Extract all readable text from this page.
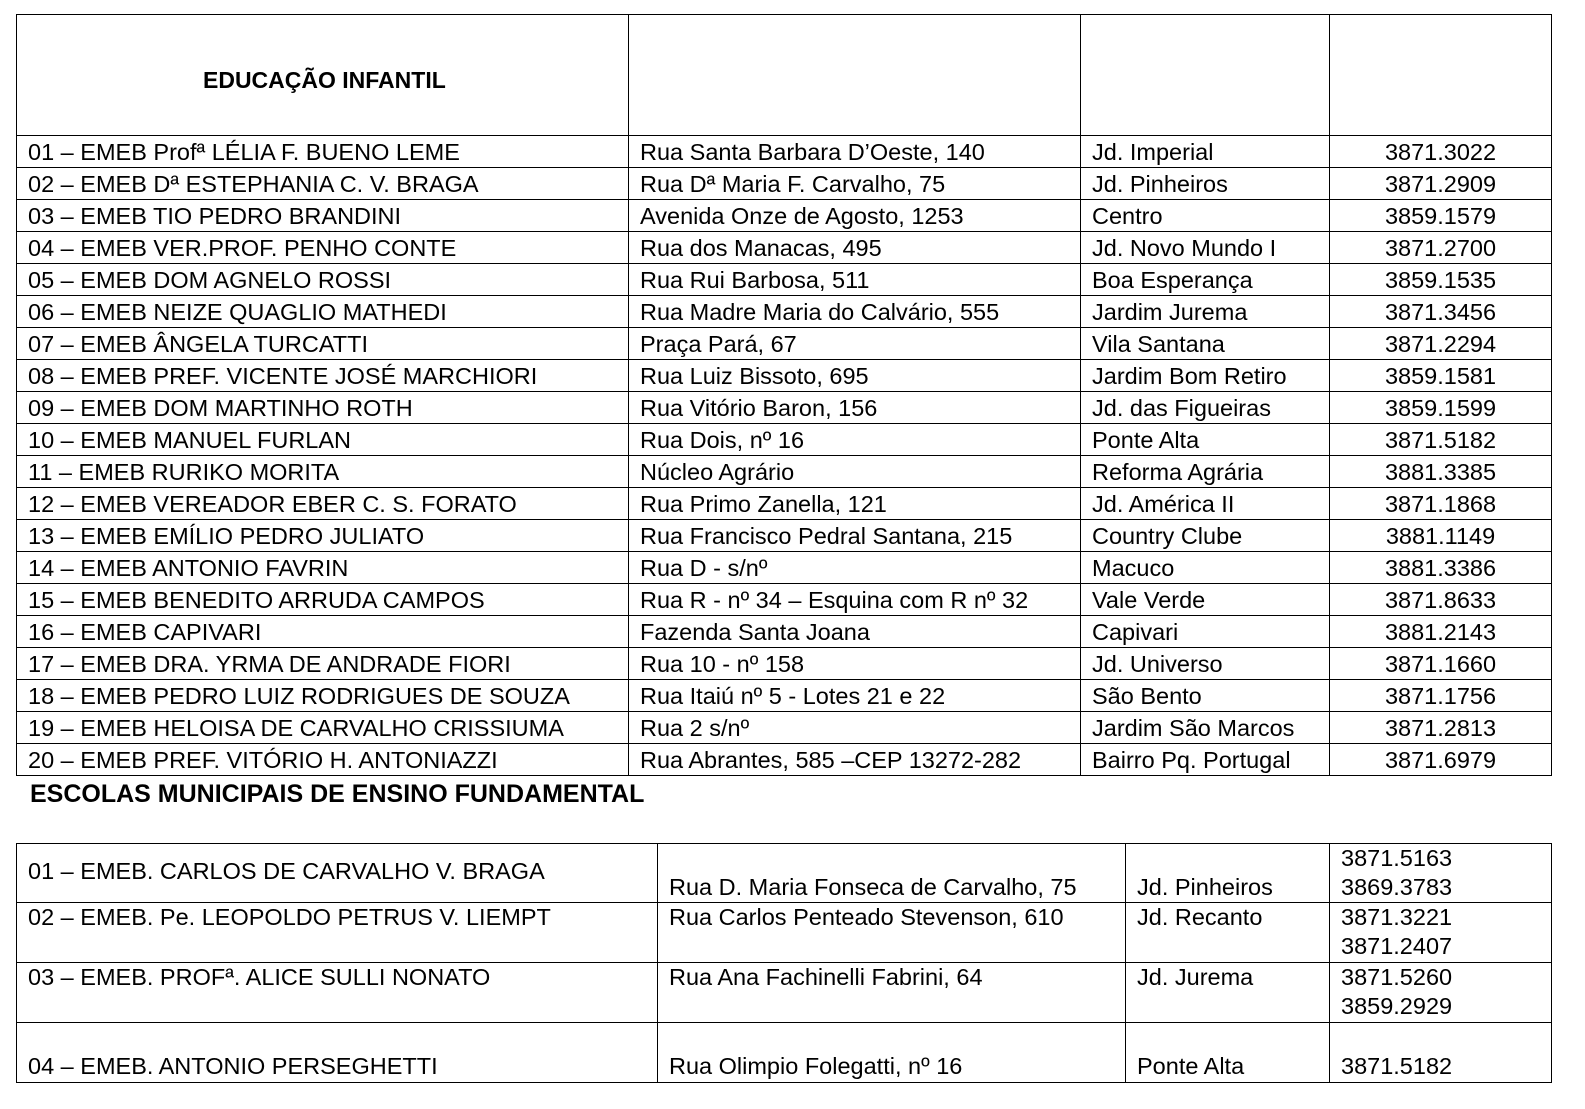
EDUCAÇÃO INFANTIL			

01 – EMEB Profª LÉLIA F. BUENO LEME	Rua Santa Barbara D’Oeste, 140	Jd. Imperial	3871.3022
02 – EMEB Dª ESTEPHANIA C. V. BRAGA	Rua Dª Maria F. Carvalho, 75	Jd. Pinheiros	3871.2909
03 – EMEB TIO PEDRO BRANDINI	Avenida Onze de Agosto, 1253	Centro	3859.1579
04 – EMEB VER.PROF. PENHO CONTE	Rua dos Manacas, 495	Jd. Novo Mundo I	3871.2700
05 – EMEB DOM AGNELO ROSSI	Rua Rui Barbosa, 511	Boa Esperança	3859.1535
06 – EMEB NEIZE QUAGLIO MATHEDI	Rua Madre Maria do Calvário, 555	Jardim Jurema	3871.3456
07 – EMEB ÂNGELA TURCATTI	Praça Pará, 67	Vila Santana	3871.2294
08 – EMEB PREF. VICENTE JOSÉ MARCHIORI	Rua Luiz Bissoto, 695	Jardim Bom Retiro	3859.1581
09 – EMEB DOM MARTINHO ROTH	Rua Vitório Baron, 156	Jd. das Figueiras	3859.1599
10 – EMEB MANUEL FURLAN	Rua Dois, nº 16	Ponte Alta	3871.5182
11 – EMEB RURIKO MORITA	Núcleo Agrário	Reforma Agrária	3881.3385
12 – EMEB VEREADOR EBER C. S. FORATO	Rua Primo Zanella, 121	Jd. América II	3871.1868
13 – EMEB EMÍLIO PEDRO JULIATO	Rua Francisco Pedral Santana, 215	Country Clube	3881.1149
14 – EMEB ANTONIO FAVRIN	Rua D - s/nº	Macuco	3881.3386
15 – EMEB BENEDITO ARRUDA CAMPOS	Rua R - nº 34 – Esquina com R nº 32	Vale Verde	3871.8633
16 – EMEB CAPIVARI	Fazenda Santa Joana	Capivari	3881.2143
17 – EMEB DRA. YRMA DE ANDRADE FIORI	Rua 10 - nº 158	Jd. Universo	3871.1660
18 – EMEB PEDRO LUIZ RODRIGUES DE SOUZA	Rua Itaiú nº 5 - Lotes 21 e 22	São Bento	3871.1756
19 – EMEB HELOISA DE CARVALHO CRISSIUMA	Rua 2 s/nº	Jardim São Marcos	3871.2813
20 – EMEB PREF. VITÓRIO H. ANTONIAZZI	Rua Abrantes, 585 –CEP 13272-282	Bairro Pq. Portugal	3871.6979
ESCOLAS MUNICIPAIS DE ENSINO FUNDAMENTAL
01 – EMEB. CARLOS DE CARVALHO V. BRAGA	Rua D. Maria Fonseca de Carvalho, 75	Jd. Pinheiros	3871.5163
3869.3783

02 – EMEB. Pe. LEOPOLDO PETRUS V. LIEMPT	Rua Carlos Penteado Stevenson, 610	Jd. Recanto	3871.3221
3871.2407

03 – EMEB. PROFª. ALICE SULLI NONATO	Rua Ana Fachinelli Fabrini, 64	Jd. Jurema	3871.5260
3859.2929

04 – EMEB. ANTONIO PERSEGHETTI	Rua Olimpio Folegatti, nº 16	Ponte Alta	3871.5182
